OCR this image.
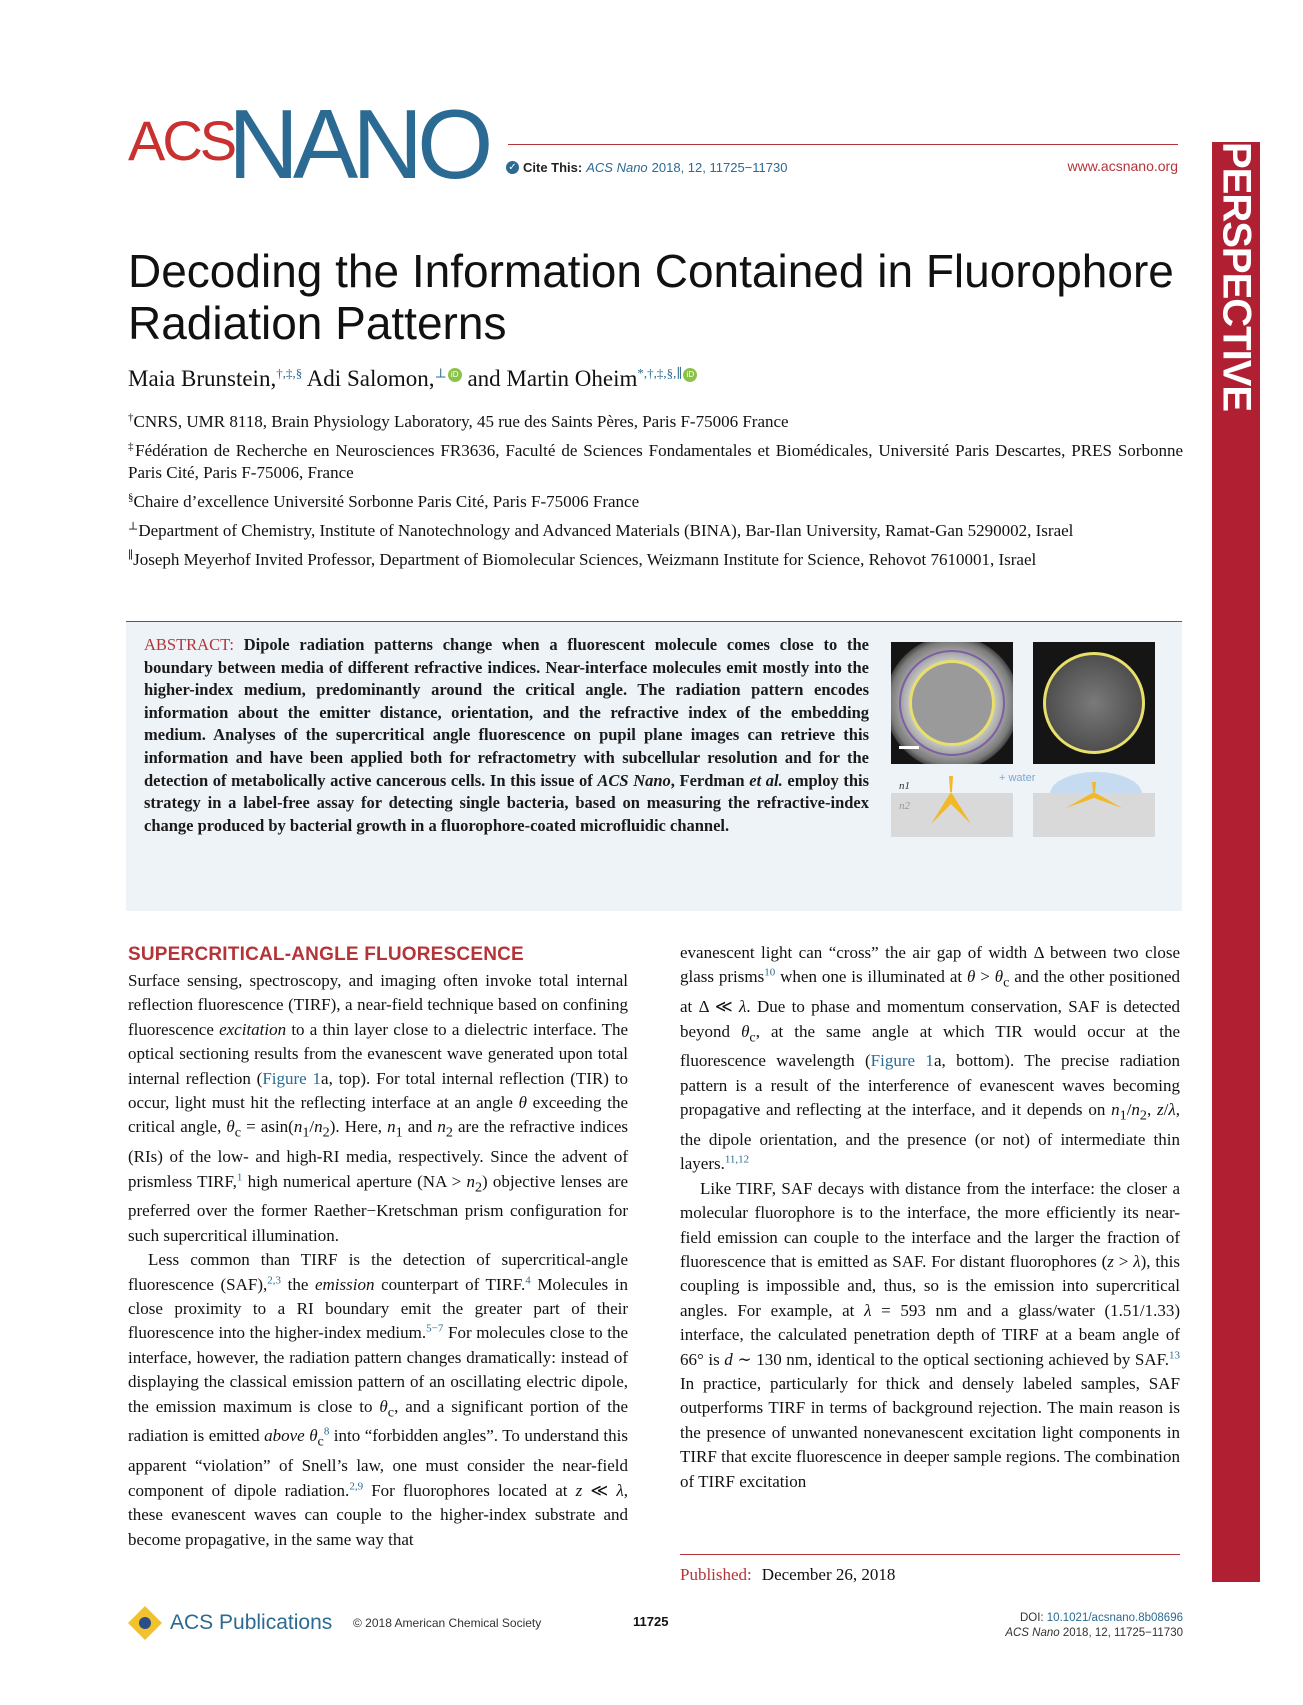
ACS
NANO ✓ Cite This: ACS Nano 2018, 12, 11725−11730	www.acsnano.org PERSPECTIVE
Decoding the Information Contained in Fluorophore Radiation Patterns
Maia Brunstein,†,‡,§ Adi Salomon,⊥ iD and Martin Oheim*,†,‡,§,∥ iD

†CNRS, UMR 8118, Brain Physiology Laboratory, 45 rue des Saints Pères, Paris F-75006 France

‡Fédération de Recherche en Neurosciences FR3636, Faculté de Sciences Fondamentales et Biomédicales, Université Paris Descartes, PRES Sorbonne Paris Cité, Paris F-75006, France

§Chaire d’excellence Université Sorbonne Paris Cité, Paris F-75006 France

⊥Department of Chemistry, Institute of Nanotechnology and Advanced Materials (BINA), Bar-Ilan University, Ramat-Gan 5290002, Israel

∥Joseph Meyerhof Invited Professor, Department of Biomolecular Sciences, Weizmann Institute for Science, Rehovot 7610001, Israel

ABSTRACT: Dipole radiation patterns change when a fluorescent molecule comes close to the boundary between media of different refractive indices. Near-interface molecules emit mostly into the higher-index medium, predominantly around the critical angle. The radiation pattern encodes information about the emitter distance, orientation, and the refractive index of the embedding medium. Analyses of the supercritical angle fluorescence on pupil plane images can retrieve this information and have been applied both for refractometry with subcellular resolution and for the detection of metabolically active cancerous cells. In this issue of ACS Nano, Ferdman et al. employ this strategy in a label-free assay for detecting single bacteria, based on measuring the refractive-index change produced by bacterial growth in a fluorophore-coated microfluidic channel.

n1
+ water
n2
SUPERCRITICAL-ANGLE FLUORESCENCE

Surface sensing, spectroscopy, and imaging often invoke total internal reflection fluorescence (TIRF), a near-field technique based on confining fluorescence excitation to a thin layer close to a dielectric interface. The optical sectioning results from the evanescent wave generated upon total internal reflection (Figure 1a, top). For total internal reflection (TIR) to occur, light must hit the reflecting interface at an angle θ exceeding the critical angle, $\theta_c = asin(n_1/n_2)$. Here, $n_1$ and $n_2$ are the refractive indices (RIs) of the low- and high-RI media, respectively. Since the advent of prismless TIRF,$^1$ high numerical aperture $(NA > n_2)$ objective lenses are preferred over the former Raether−Kretschman prism configuration for such supercritical illumination.

Less common than TIRF is the detection of supercritical-angle fluorescence (SAF),$^{2,3}$ the emission counterpart of TIRF.$^4$ Molecules in close proximity to a RI boundary emit the greater part of their fluorescence into the higher-index medium.$^{5-7}$ For molecules close to the interface, however, the radiation pattern changes dramatically: instead of displaying the classical emission pattern of an oscillating electric dipole, the emission maximum is close to $\theta_c$, and a significant portion of the radiation is emitted above $\theta_c^8$ into “forbidden angles”. To understand this apparent “violation” of Snell’s law, one must consider the near-field component of dipole radiation.$^{2,9}$ For fluorophores located at z ≪ λ, these evanescent waves can couple to the higher-index substrate and become propagative, in the same way that

evanescent light can “cross” the air gap of width Δ between two close glass prisms$^{10}$ when one is illuminated at $\theta > \theta_c$ and the other positioned at Δ ≪ λ. Due to phase and momentum conservation, SAF is detected beyond $\theta_c$, at the same angle at which TIR would occur at the fluorescence wavelength (Figure 1a, bottom). The precise radiation pattern is a result of the interference of evanescent waves becoming propagative and reflecting at the interface, and it depends on $n_1/n_2$, z/λ, the dipole orientation, and the presence (or not) of intermediate thin layers.$^{11,12}$

Like TIRF, SAF decays with distance from the interface: the closer a molecular fluorophore is to the interface, the more efficiently its near-field emission can couple to the interface and the larger the fraction of fluorescence that is emitted as SAF. For distant fluorophores (z > λ), this coupling is impossible and, thus, so is the emission into supercritical angles. For example, at λ = 593 nm and a glass/water (1.51/1.33) interface, the calculated penetration depth of TIRF at a beam angle of 66° is d ∼ 130 nm, identical to the optical sectioning achieved by SAF.$^{13}$ In practice, particularly for thick and densely labeled samples, SAF outperforms TIRF in terms of background rejection. The main reason is the presence of unwanted nonevanescent excitation light components in TIRF that excite fluorescence in deeper sample regions. The combination of TIRF excitation

Published: December 26, 2018

ACS Publications © 2018 American Chemical Society	11725	DOI: 10.1021/acsnano.8b08696
ACS Nano 2018, 12, 11725−11730
